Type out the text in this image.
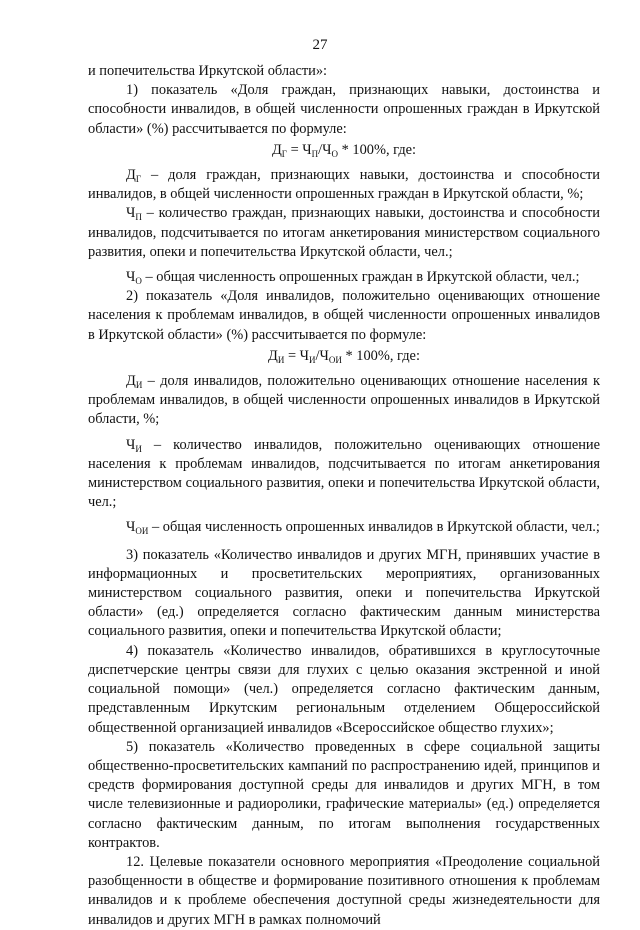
27

и попечительства Иркутской области»:

1) показатель «Доля граждан, признающих навыки, достоинства и способности инвалидов, в общей численности опрошенных граждан в Иркутской области» (%) рассчитывается по формуле:

$Д_Г = Ч_П/Ч_О * 100\%$, где:

$Д_Г$ – доля граждан, признающих навыки, достоинства и способности инвалидов, в общей численности опрошенных граждан в Иркутской области, %;

$Ч_П$ – количество граждан, признающих навыки, достоинства и способности инвалидов, подсчитывается по итогам анкетирования министерством социального развития, опеки и попечительства Иркутской области, чел.;

$Ч_О$ – общая численность опрошенных граждан в Иркутской области, чел.;

2) показатель «Доля инвалидов, положительно оценивающих отношение населения к проблемам инвалидов, в общей численности опрошенных инвалидов в Иркутской области» (%) рассчитывается по формуле:

$Д_И = Ч_И/Ч_{ОИ} * 100\%$, где:

$Д_И$ – доля инвалидов, положительно оценивающих отношение населения к проблемам инвалидов, в общей численности опрошенных инвалидов в Иркутской области, %;

$Ч_И$ – количество инвалидов, положительно оценивающих отношение населения к проблемам инвалидов, подсчитывается по итогам анкетирования министерством социального развития, опеки и попечительства Иркутской области, чел.;

$Ч_{ОИ}$ – общая численность опрошенных инвалидов в Иркутской области, чел.;

3) показатель «Количество инвалидов и других МГН, принявших участие в информационных и просветительских мероприятиях, организованных министерством социального развития, опеки и попечительства Иркутской области» (ед.) определяется согласно фактическим данным министерства социального развития, опеки и попечительства Иркутской области;

4) показатель «Количество инвалидов, обратившихся в круглосуточные диспетчерские центры связи для глухих с целью оказания экстренной и иной социальной помощи» (чел.) определяется согласно фактическим данным, представленным Иркутским региональным отделением Общероссийской общественной организацией инвалидов «Всероссийское общество глухих»;

5) показатель «Количество проведенных в сфере социальной защиты общественно-просветительских кампаний по распространению идей, принципов и средств формирования доступной среды для инвалидов и других МГН, в том числе телевизионные и радиоролики, графические материалы» (ед.) определяется согласно фактическим данным, по итогам выполнения государственных контрактов.

12. Целевые показатели основного мероприятия «Преодоление социальной разобщенности в обществе и формирование позитивного отношения к проблемам инвалидов и к проблеме обеспечения доступной среды жизнедеятельности для инвалидов и других МГН в рамках полномочий
